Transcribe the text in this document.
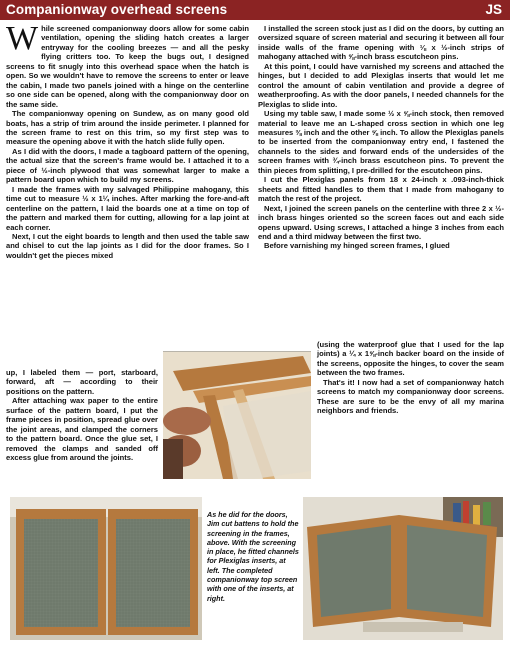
Companionway overhead screens	JS

While screened companionway doors allow for some cabin ventilation, opening the sliding hatch creates a larger entryway for the cooling breezes — and all the pesky flying critters too. To keep the bugs out, I designed screens to fit snugly into this overhead space when the hatch is open. So we wouldn't have to remove the screens to enter or leave the cabin, I made two panels joined with a hinge on the centerline so one side can be opened, along with the companionway door on the same side.

The companionway opening on Sundew, as on many good old boats, has a strip of trim around the inside perimeter. I planned for the screen frame to rest on this trim, so my first step was to measure the opening above it with the hatch slide fully open.

As I did with the doors, I made a tagboard pattern of the opening, the actual size that the screen's frame would be. I attached it to a piece of ½-inch plywood that was somewhat larger to make a pattern board upon which to build my screens.

I made the frames with my salvaged Philippine mahogany, this time cut to measure ½ x 1¼ inches. After marking the fore-and-aft centerline on the pattern, I laid the boards one at a time on top of the pattern and marked them for cutting, allowing for a lap joint at each corner.

Next, I cut the eight boards to length and then used the table saw and chisel to cut the lap joints as I did for the door frames. So I wouldn't get the pieces mixed

up, I labeled them — port, starboard, forward, aft — according to their positions on the pattern.

After attaching wax paper to the entire surface of the pattern board, I put the frame pieces in position, spread glue over the joint areas, and clamped the corners to the pattern board. Once the glue set, I removed the clamps and sanded off excess glue from around the joints.

I installed the screen stock just as I did on the doors, by cutting an oversized square of screen material and securing it between all four inside walls of the frame opening with ⅛ x ½-inch strips of mahogany attached with ⅝-inch brass escutcheon pins.

At this point, I could have varnished my screens and attached the hinges, but I decided to add Plexiglas inserts that would let me control the amount of cabin ventilation and provide a degree of weatherproofing. As with the door panels, I needed channels for the Plexiglas to slide into.

Using my table saw, I made some ½ x ⅝-inch stock, then removed material to leave me an L-shaped cross section in which one leg measures ⅜ inch and the other ⅝ inch. To allow the Plexiglas panels to be inserted from the companionway entry end, I fastened the channels to the sides and forward ends of the undersides of the screen frames with ¾-inch brass escutcheon pins. To prevent the thin pieces from splitting, I pre-drilled for the escutcheon pins.

I cut the Plexiglas panels from 18 x 24-inch x .093-inch-thick sheets and fitted handles to them that I made from mahogany to match the rest of the project.

Next, I joined the screen panels on the centerline with three 2 x ½-inch brass hinges oriented so the screen faces out and each side opens upward. Using screws, I attached a hinge 3 inches from each end and a third midway between the first two.

Before varnishing my hinged screen frames, I glued

(using the waterproof glue that I used for the lap joints) a ¼ x 1⅝-inch backer board on the inside of the screens, opposite the hinges, to cover the seam between the two frames.

That's it! I now had a set of companionway hatch screens to match my companionway door screens. These are sure to be the envy of all my marina neighbors and friends.

As he did for the doors, Jim cut battens to hold the screening in the frames, above. With the screening in place, he fitted channels for Plexiglas inserts, at left. The completed companionway top screen with one of the inserts, at right.
